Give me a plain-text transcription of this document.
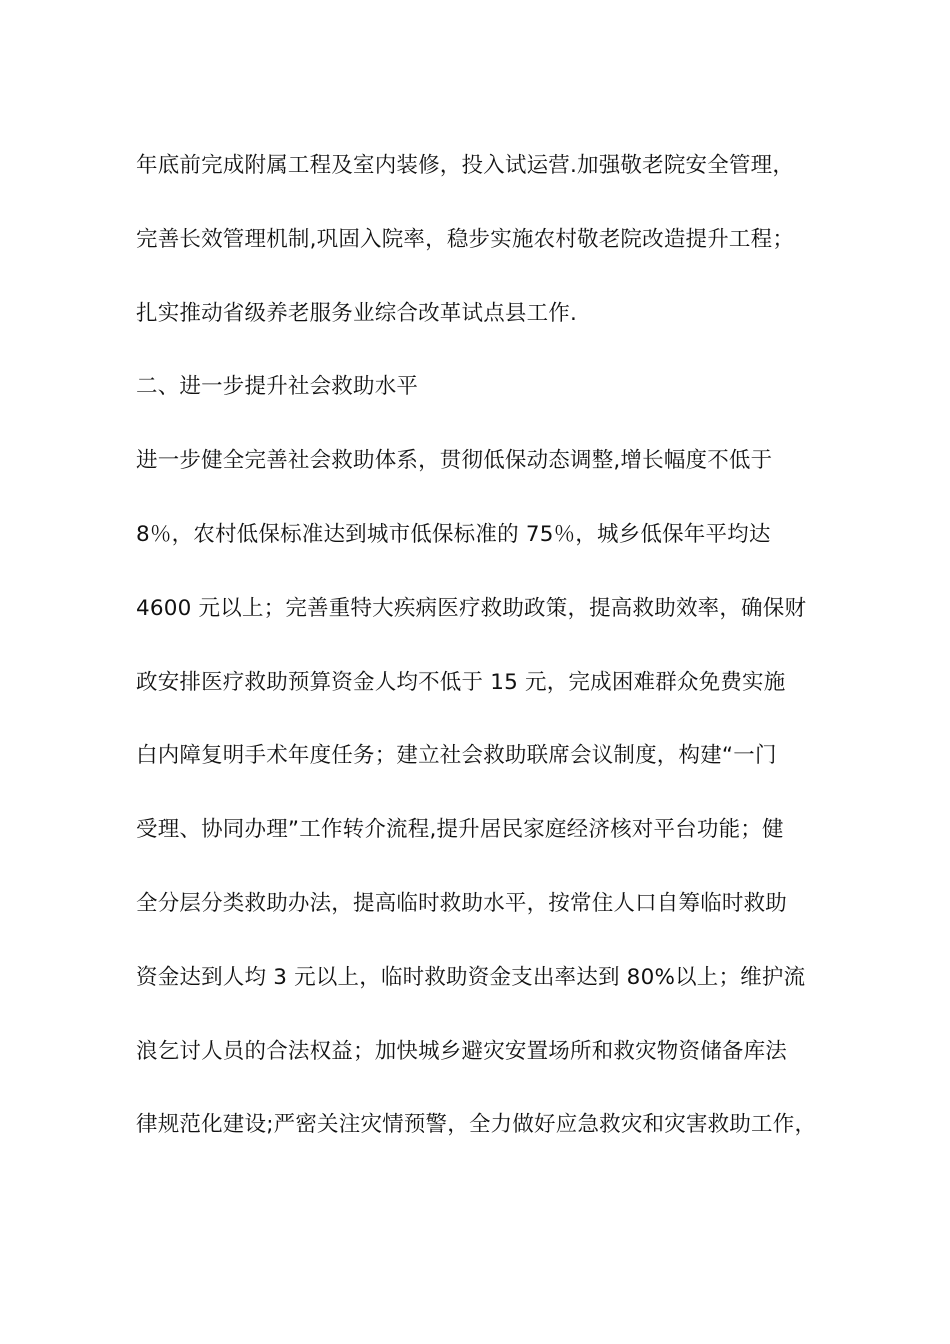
年底前完成附属工程及室内装修，投入试运营.加强敬老院安全管理，
完善长效管理机制,巩固入院率，稳步实施农村敬老院改造提升工程；
扎实推动省级养老服务业综合改革试点县工作.
二、进一步提升社会救助水平
进一步健全完善社会救助体系，贯彻低保动态调整,增长幅度不低于
8％，农村低保标准达到城市低保标准的 75％，城乡低保年平均达
4600 元以上；完善重特大疾病医疗救助政策，提高救助效率，确保财
政安排医疗救助预算资金人均不低于 15 元，完成困难群众免费实施
白内障复明手术年度任务；建立社会救助联席会议制度，构建“一门
受理、协同办理”工作转介流程,提升居民家庭经济核对平台功能；健
全分层分类救助办法，提高临时救助水平，按常住人口自筹临时救助
资金达到人均 3 元以上，临时救助资金支出率达到 80%以上；维护流
浪乞讨人员的合法权益；加快城乡避灾安置场所和救灾物资储备库法
律规范化建设;严密关注灾情预警，全力做好应急救灾和灾害救助工作，
